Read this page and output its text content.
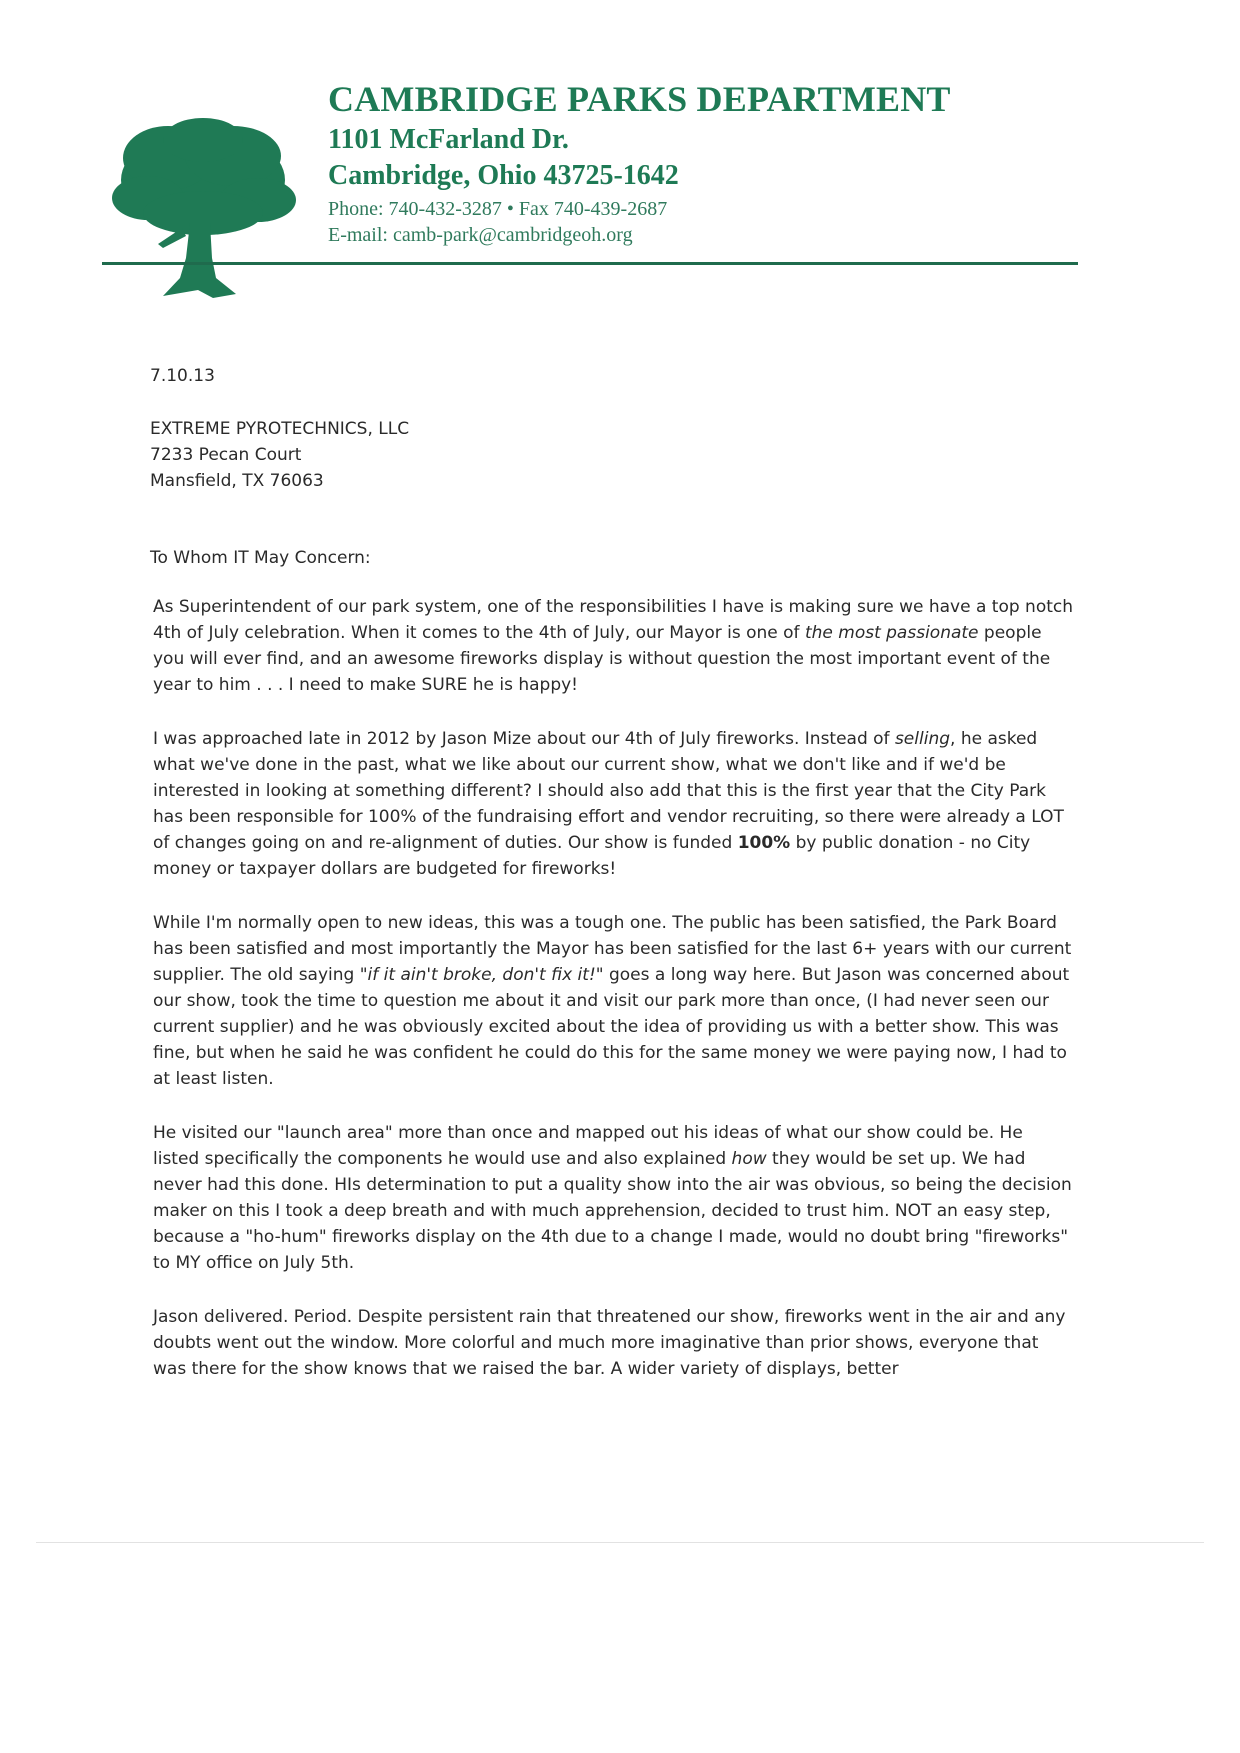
CAMBRIDGE PARKS DEPARTMENT
1101 McFarland Dr.
Cambridge, Ohio 43725-1642
Phone: 740-432-3287 • Fax 740-439-2687
E-mail: camb-park@cambridgeoh.org
7.10.13
EXTREME PYROTECHNICS, LLC
7233 Pecan Court
Mansfield, TX 76063
To Whom IT May Concern:

As Superintendent of our park system, one of the responsibilities I have is making sure we have a top notch 4th of July celebration. When it comes to the 4th of July, our Mayor is one of the most passionate people you will ever find, and an awesome fireworks display is without question the most important event of the year to him . . . I need to make SURE he is happy!

I was approached late in 2012 by Jason Mize about our 4th of July fireworks. Instead of selling, he asked what we've done in the past, what we like about our current show, what we don't like and if we'd be interested in looking at something different? I should also add that this is the first year that the City Park has been responsible for 100% of the fundraising effort and vendor recruiting, so there were already a LOT of changes going on and re-alignment of duties. Our show is funded 100% by public donation - no City money or taxpayer dollars are budgeted for fireworks!

While I'm normally open to new ideas, this was a tough one. The public has been satisfied, the Park Board has been satisfied and most importantly the Mayor has been satisfied for the last 6+ years with our current supplier. The old saying "if it ain't broke, don't fix it!" goes a long way here. But Jason was concerned about our show, took the time to question me about it and visit our park more than once, (I had never seen our current supplier) and he was obviously excited about the idea of providing us with a better show. This was fine, but when he said he was confident he could do this for the same money we were paying now, I had to at least listen.

He visited our "launch area" more than once and mapped out his ideas of what our show could be. He listed specifically the components he would use and also explained how they would be set up. We had never had this done. HIs determination to put a quality show into the air was obvious, so being the decision maker on this I took a deep breath and with much apprehension, decided to trust him. NOT an easy step, because a "ho-hum" fireworks display on the 4th due to a change I made, would no doubt bring "fireworks" to MY office on July 5th.

Jason delivered. Period. Despite persistent rain that threatened our show, fireworks went in the air and any doubts went out the window. More colorful and much more imaginative than prior shows, everyone that was there for the show knows that we raised the bar. A wider variety of displays, better
